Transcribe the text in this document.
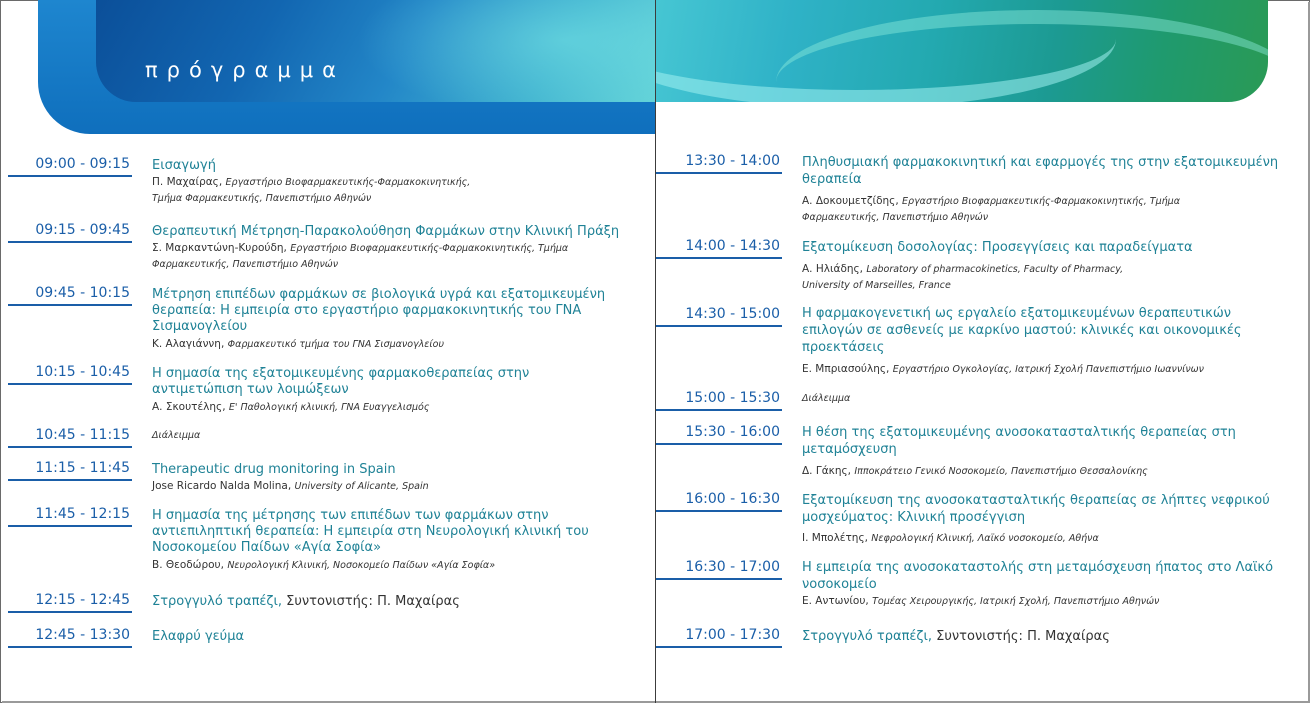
πρόγραμμα
09:00 - 09:15 Εισαγωγή
Π. Μαχαίρας, Εργαστήριο Βιοφαρμακευτικής-Φαρμακοκινητικής,
Τμήμα Φαρμακευτικής, Πανεπιστήμιο Αθηνών
09:15 - 09:45 Θεραπευτική Μέτρηση-Παρακολούθηση Φαρμάκων στην Κλινική Πράξη
Σ. Μαρκαντώνη-Κυρούδη, Εργαστήριο Βιοφαρμακευτικής-Φαρμακοκινητικής, Τμήμα
Φαρμακευτικής, Πανεπιστήμιο Αθηνών
09:45 - 10:15 Μέτρηση επιπέδων φαρμάκων σε βιολογικά υγρά και εξατομικευμένη
θεραπεία: Η εμπειρία στο εργαστήριο φαρμακοκινητικής του ΓΝΑ
Σισμανογλείου
Κ. Αλαγιάννη, Φαρμακευτικό τμήμα του ΓΝΑ Σισμανογλείου
10:15 - 10:45 Η σημασία της εξατομικευμένης φαρμακοθεραπείας στην
αντιμετώπιση των λοιμώξεων
Α. Σκουτέλης, Ε' Παθολογική κλινική, ΓΝΑ Ευαγγελισμός
10:45 - 11:15 Διάλειμμα
11:15 - 11:45 Therapeutic drug monitoring in Spain
Jose Ricardo Nalda Molina, University of Alicante, Spain
11:45 - 12:15 Η σημασία της μέτρησης των επιπέδων των φαρμάκων στην
αντιεπιληπτική θεραπεία: Η εμπειρία στη Νευρολογική κλινική του
Νοσοκομείου Παίδων «Αγία Σοφία»
Β. Θεοδώρου, Νευρολογική Κλινική, Νοσοκομείο Παίδων «Αγία Σοφία»
12:15 - 12:45 Στρογγυλό τραπέζι, Συντονιστής: Π. Μαχαίρας
12:45 - 13:30 Ελαφρύ γεύμα
13:30 - 14:00 Πληθυσμιακή φαρμακοκινητική και εφαρμογές της στην εξατομικευμένη
θεραπεία
Α. Δοκουμετζίδης, Εργαστήριο Βιοφαρμακευτικής-Φαρμακοκινητικής, Τμήμα
Φαρμακευτικής, Πανεπιστήμιο Αθηνών
14:00 - 14:30 Εξατομίκευση δοσολογίας: Προσεγγίσεις και παραδείγματα
Α. Ηλιάδης, Laboratory of pharmacokinetics, Faculty of Pharmacy,
University of Marseilles, France
14:30 - 15:00 Η φαρμακογενετική ως εργαλείο εξατομικευμένων θεραπευτικών
επιλογών σε ασθενείς με καρκίνο μαστού: κλινικές και οικονομικές
προεκτάσεις
Ε. Μπριασούλης, Εργαστήριο Ογκολογίας, Ιατρική Σχολή Πανεπιστήμιο Ιωαννίνων
15:00 - 15:30 Διάλειμμα
15:30 - 16:00 Η θέση της εξατομικευμένης ανοσοκατασταλτικής θεραπείας στη
μεταμόσχευση
Δ. Γάκης, Ιπποκράτειο Γενικό Νοσοκομείο, Πανεπιστήμιο Θεσσαλονίκης
16:00 - 16:30 Εξατομίκευση της ανοσοκατασταλτικής θεραπείας σε λήπτες νεφρικού
μοσχεύματος: Κλινική προσέγγιση
Ι. Μπολέτης, Νεφρολογική Κλινική, Λαϊκό νοσοκομείο, Αθήνα
16:30 - 17:00 Η εμπειρία της ανοσοκαταστολής στη μεταμόσχευση ήπατος στο Λαϊκό
νοσοκομείο
Ε. Αντωνίου, Τομέας Χειρουργικής, Ιατρική Σχολή, Πανεπιστήμιο Αθηνών
17:00 - 17:30 Στρογγυλό τραπέζι, Συντονιστής: Π. Μαχαίρας
